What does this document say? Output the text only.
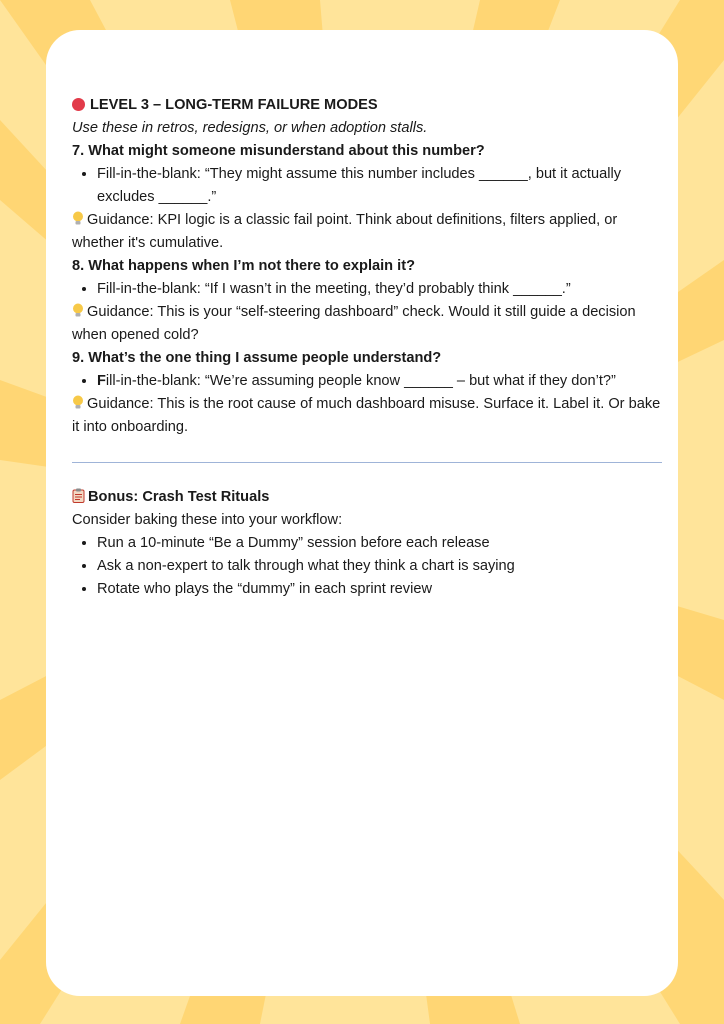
LEVEL 3 – LONG-TERM FAILURE MODES

Use these in retros, redesigns, or when adoption stalls.

7. What might someone misunderstand about this number?

• Fill-in-the-blank: “They might assume this number includes ______, but it actually excludes ______.”

Guidance: KPI logic is a classic fail point. Think about definitions, filters applied, or whether it's cumulative.

8. What happens when I’m not there to explain it?

• Fill-in-the-blank: “If I wasn’t in the meeting, they’d probably think ______.”

Guidance: This is your “self-steering dashboard” check. Would it still guide a decision when opened cold?

9. What’s the one thing I assume people understand?

• Fill-in-the-blank: “We’re assuming people know ______ – but what if they don’t?”

Guidance: This is the root cause of much dashboard misuse. Surface it. Label it. Or bake it into onboarding.

Bonus: Crash Test Rituals

Consider baking these into your workflow:

• Run a 10-minute “Be a Dummy” session before each release
• Ask a non-expert to talk through what they think a chart is saying
• Rotate who plays the “dummy” in each sprint review
